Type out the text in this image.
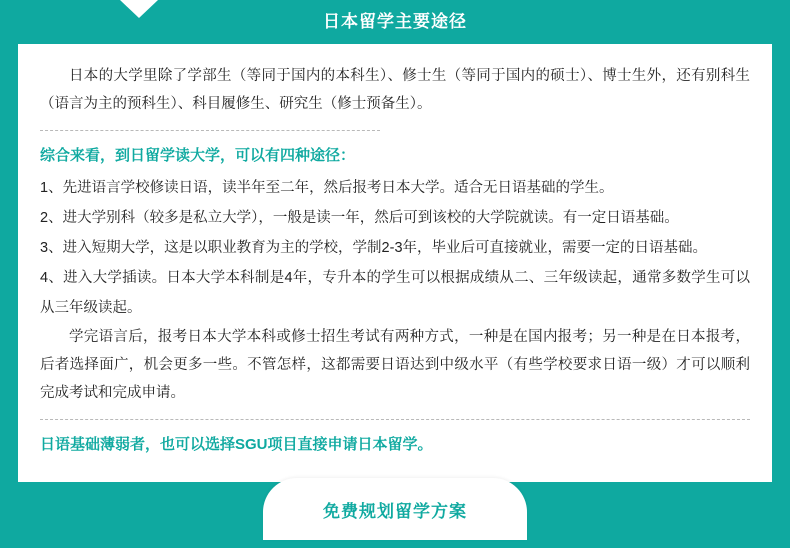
日本留学主要途径

日本的大学里除了学部生（等同于国内的本科生）、修士生（等同于国内的硕士）、博士生外，还有别科生（语言为主的预科生）、科目履修生、研究生（修士预备生）。

综合来看，到日留学读大学，可以有四种途径：

1、先进语言学校修读日语，读半年至二年，然后报考日本大学。适合无日语基础的学生。
2、进大学别科（较多是私立大学），一般是读一年，然后可到该校的大学院就读。有一定日语基础。
3、进入短期大学，这是以职业教育为主的学校，学制2-3年，毕业后可直接就业，需要一定的日语基础。
4、进入大学插读。日本大学本科制是4年，专升本的学生可以根据成绩从二、三年级读起，通常多数学生可以从三年级读起。

学完语言后，报考日本大学本科或修士招生考试有两种方式，一种是在国内报考；另一种是在日本报考，后者选择面广，机会更多一些。不管怎样，这都需要日语达到中级水平（有些学校要求日语一级）才可以顺利完成考试和完成申请。

日语基础薄弱者，也可以选择SGU项目直接申请日本留学。

免费规划留学方案
